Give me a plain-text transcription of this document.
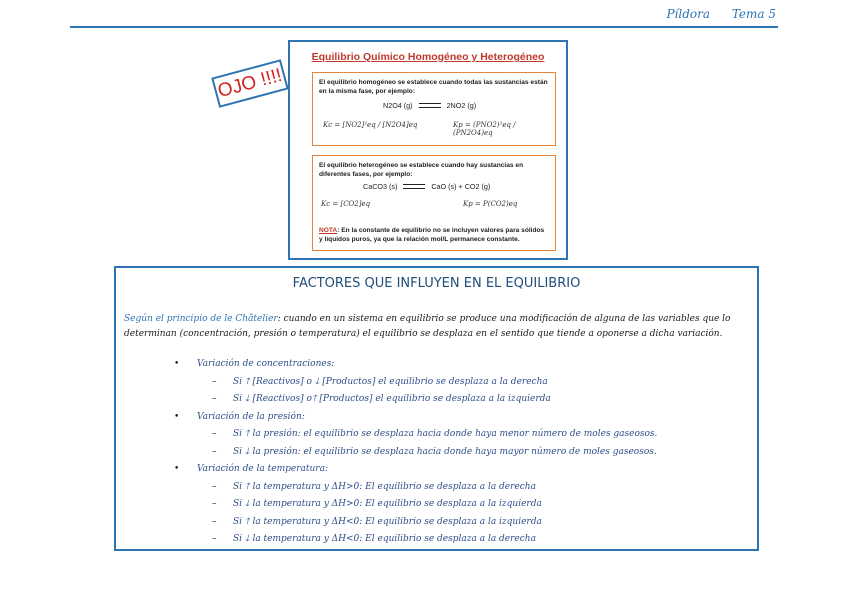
Píldora Tema 5
Equilibrio Químico Homogéneo y Heterogéneo
El equilibrio homogéneo se establece cuando todas las sustancias están en la misma fase, por ejemplo:
N2O4 (g)	2NO2 (g)
Kc = [NO2]²eq / [N2O4]eq	Kp = (PNO2)²eq / (PN2O4)eq
El equilibrio heterogéneo se establece cuando hay sustancias en diferentes fases, por ejemplo:
CaCO3 (s)	CaO (s) + CO2 (g)
Kc = [CO2]eq	Kp = P(CO2)eq
NOTA: En la constante de equilibrio no se incluyen valores para sólidos y líquidos puros, ya que la relación mol/L permanece constante.
OJO !!!!
FACTORES QUE INFLUYEN EN EL EQUILIBRIO
Según el principio de le Chãtelier: cuando en un sistema en equilibrio se produce una modificación de alguna de las variables que lo determinan (concentración, presión o temperatura) el equilibrio se desplaza en el sentido que tiende a oponerse a dicha variación.
• Variación de concentraciones:
– Si 🡑 [Reactivos] o 🡓 [Productos] el equilibrio se desplaza a la derecha
– Si 🡓 [Reactivos] o🡑 [Productos] el equilibrio se desplaza a la izquierda
• Variación de la presión:
– Si 🡑 la presión: el equilibrio se desplaza hacia donde haya menor número de moles gaseosos.
– Si 🡓 la presión: el equilibrio se desplaza hacia donde haya mayor número de moles gaseosos.
• Variación de la temperatura:
– Si 🡑 la temperatura y ΔH>0: El equilibrio se desplaza a la derecha
– Si 🡓 la temperatura y ΔH>0: El equilibrio se desplaza a la izquierda
– Si 🡑 la temperatura y ΔH<0: El equilibrio se desplaza a la izquierda
– Si 🡓 la temperatura y ΔH<0: El equilibrio se desplaza a la derecha
